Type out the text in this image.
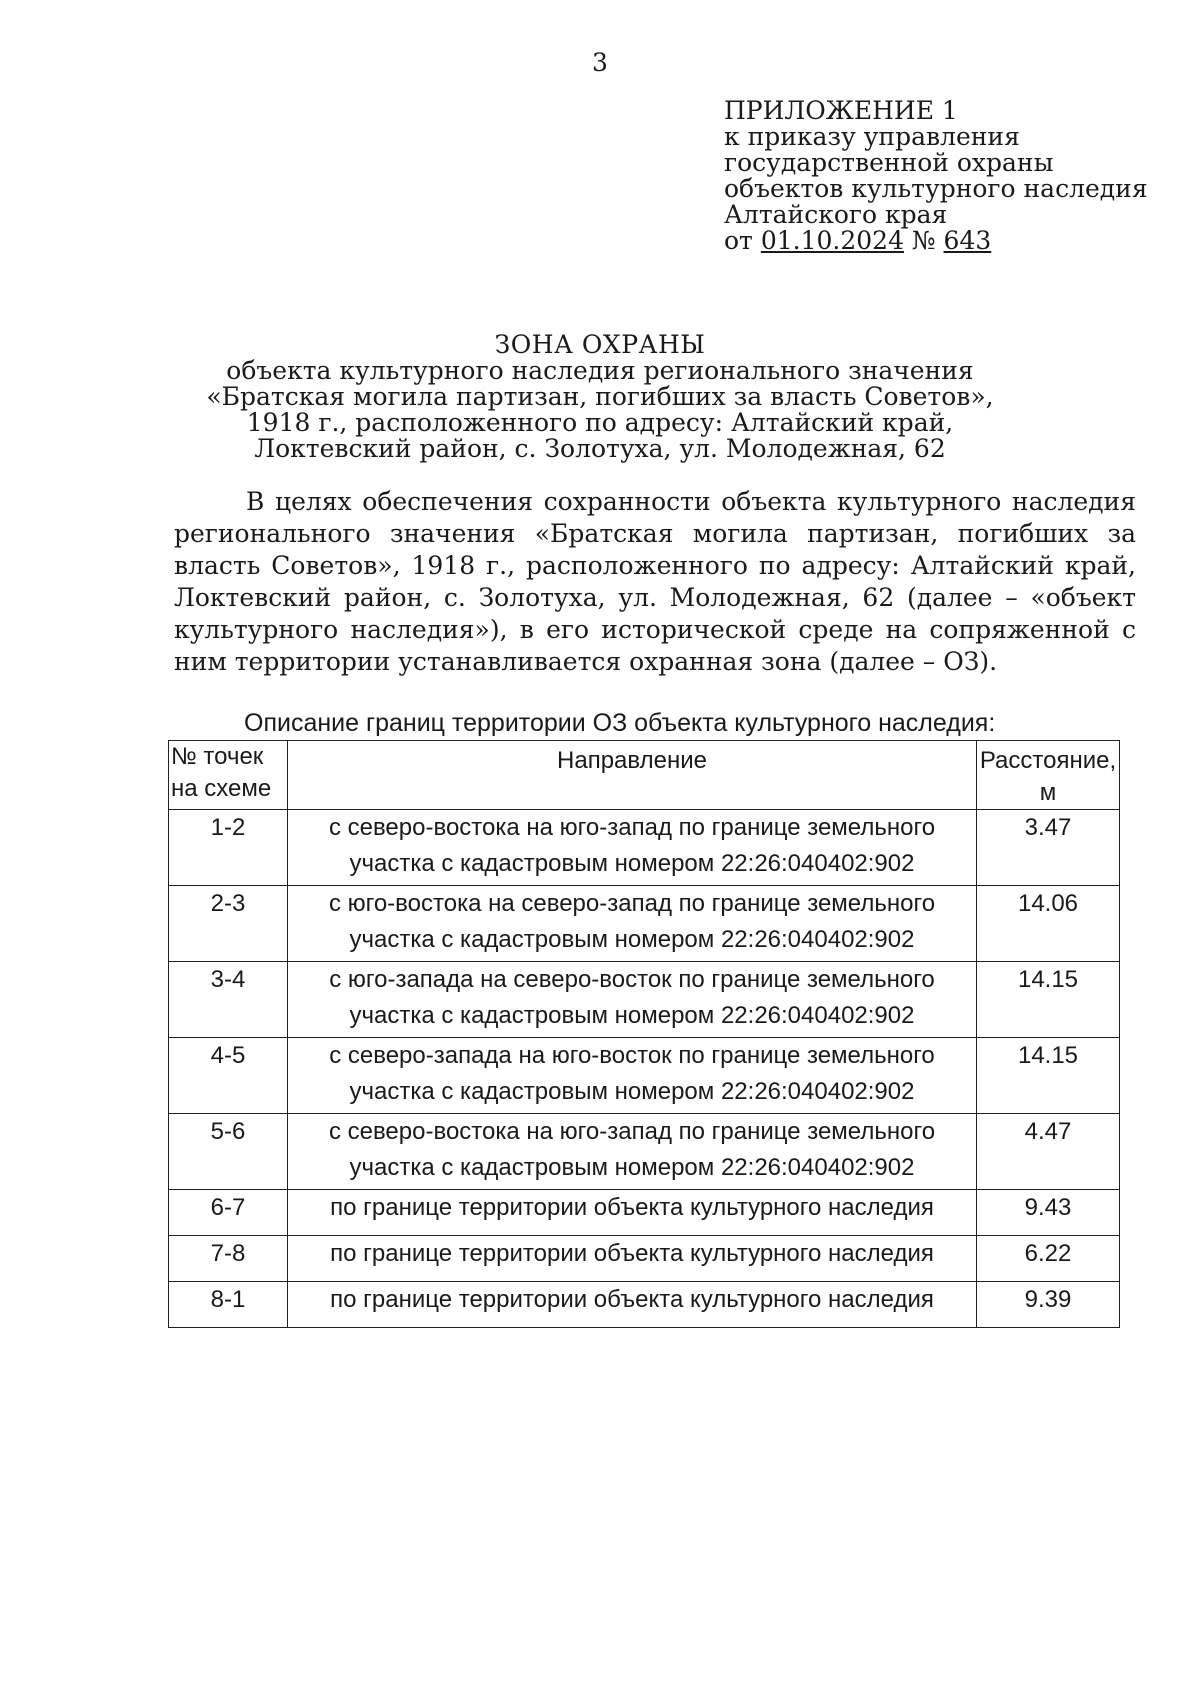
3
ПРИЛОЖЕНИЕ 1
к приказу управления
государственной охраны
объектов культурного наследия
Алтайского края
от 01.10.2024 № 643
ЗОНА ОХРАНЫ
объекта культурного наследия регионального значения
«Братская могила партизан, погибших за власть Советов»,
1918 г., расположенного по адресу: Алтайский край,
Локтевский район, с. Золотуха, ул. Молодежная, 62
В целях обеспечения сохранности объекта культурного наследия регионального значения «Братская могила партизан, погибших за власть Советов», 1918 г., расположенного по адресу: Алтайский край, Локтевский район, с. Золотуха, ул. Молодежная, 62 (далее – «объект культурного наследия»), в его исторической среде на сопряженной с ним территории устанавливается охранная зона (далее – ОЗ).
Описание границ территории ОЗ объекта культурного наследия:
№ точек
на схеме	Направление	Расстояние,
м

1-2	с северо-востока на юго-запад по границе земельного
участка с кадастровым номером 22:26:040402:902	3.47

2-3	с юго-востока на северо-запад по границе земельного
участка с кадастровым номером 22:26:040402:902	14.06

3-4	с юго-запада на северо-восток по границе земельного
участка с кадастровым номером 22:26:040402:902	14.15

4-5	с северо-запада на юго-восток по границе земельного
участка с кадастровым номером 22:26:040402:902	14.15

5-6	с северо-востока на юго-запад по границе земельного
участка с кадастровым номером 22:26:040402:902	4.47

6-7	по границе территории объекта культурного наследия	9.43

7-8	по границе территории объекта культурного наследия	6.22

8-1	по границе территории объекта культурного наследия	9.39
